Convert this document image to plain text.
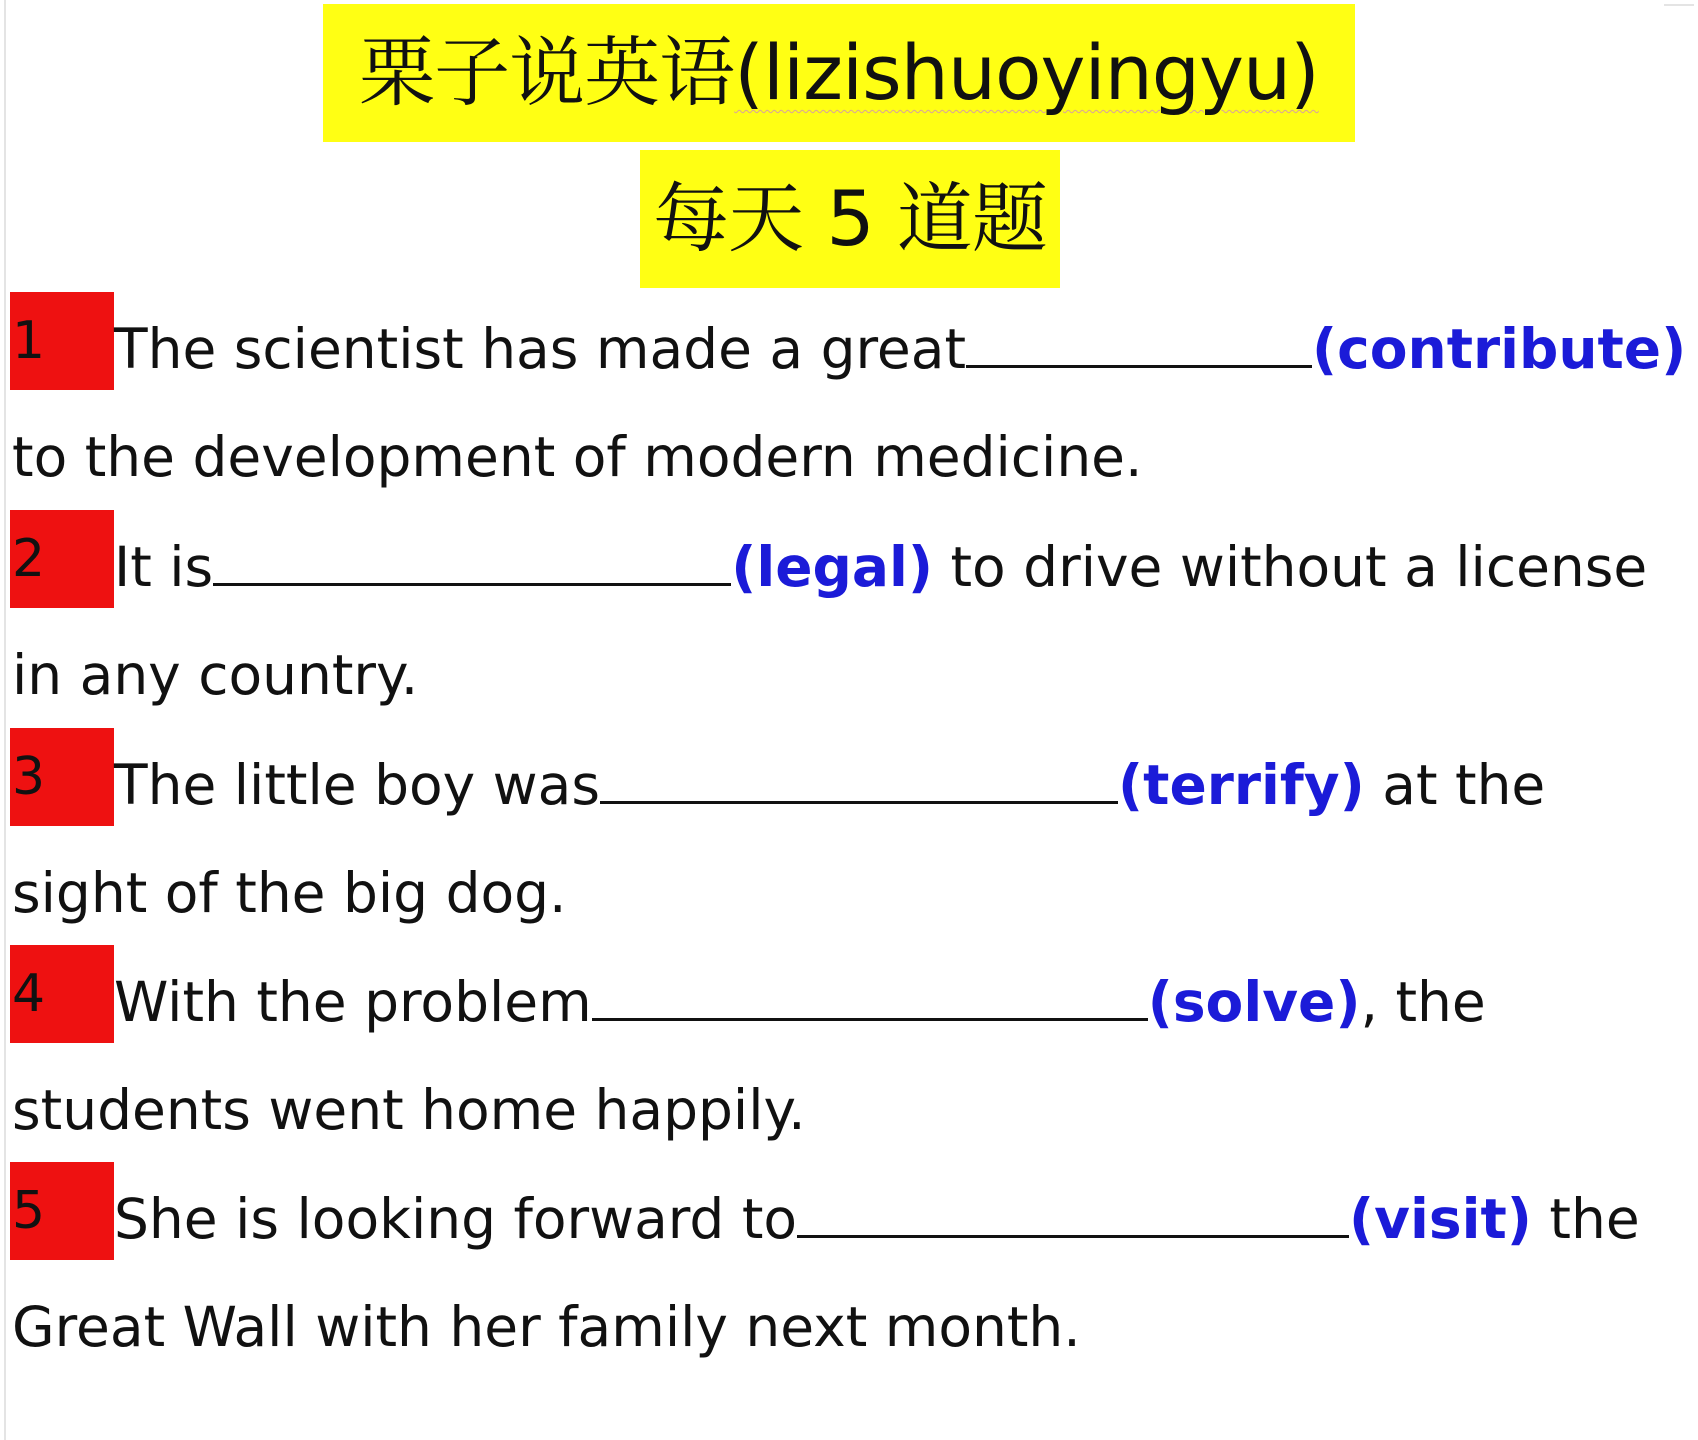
栗子说英语(lizishuoyingyu)
每天 5 道题
1	The scientist has made a great	(contribute)
to the development of modern medicine.
2	It is	(legal) to drive without a license
in any country.
3	The little boy was	(terrify) at the
sight of the big dog.
4	With the problem	(solve), the
students went home happily.
5	She is looking forward to	(visit) the
Great Wall with her family next month.
